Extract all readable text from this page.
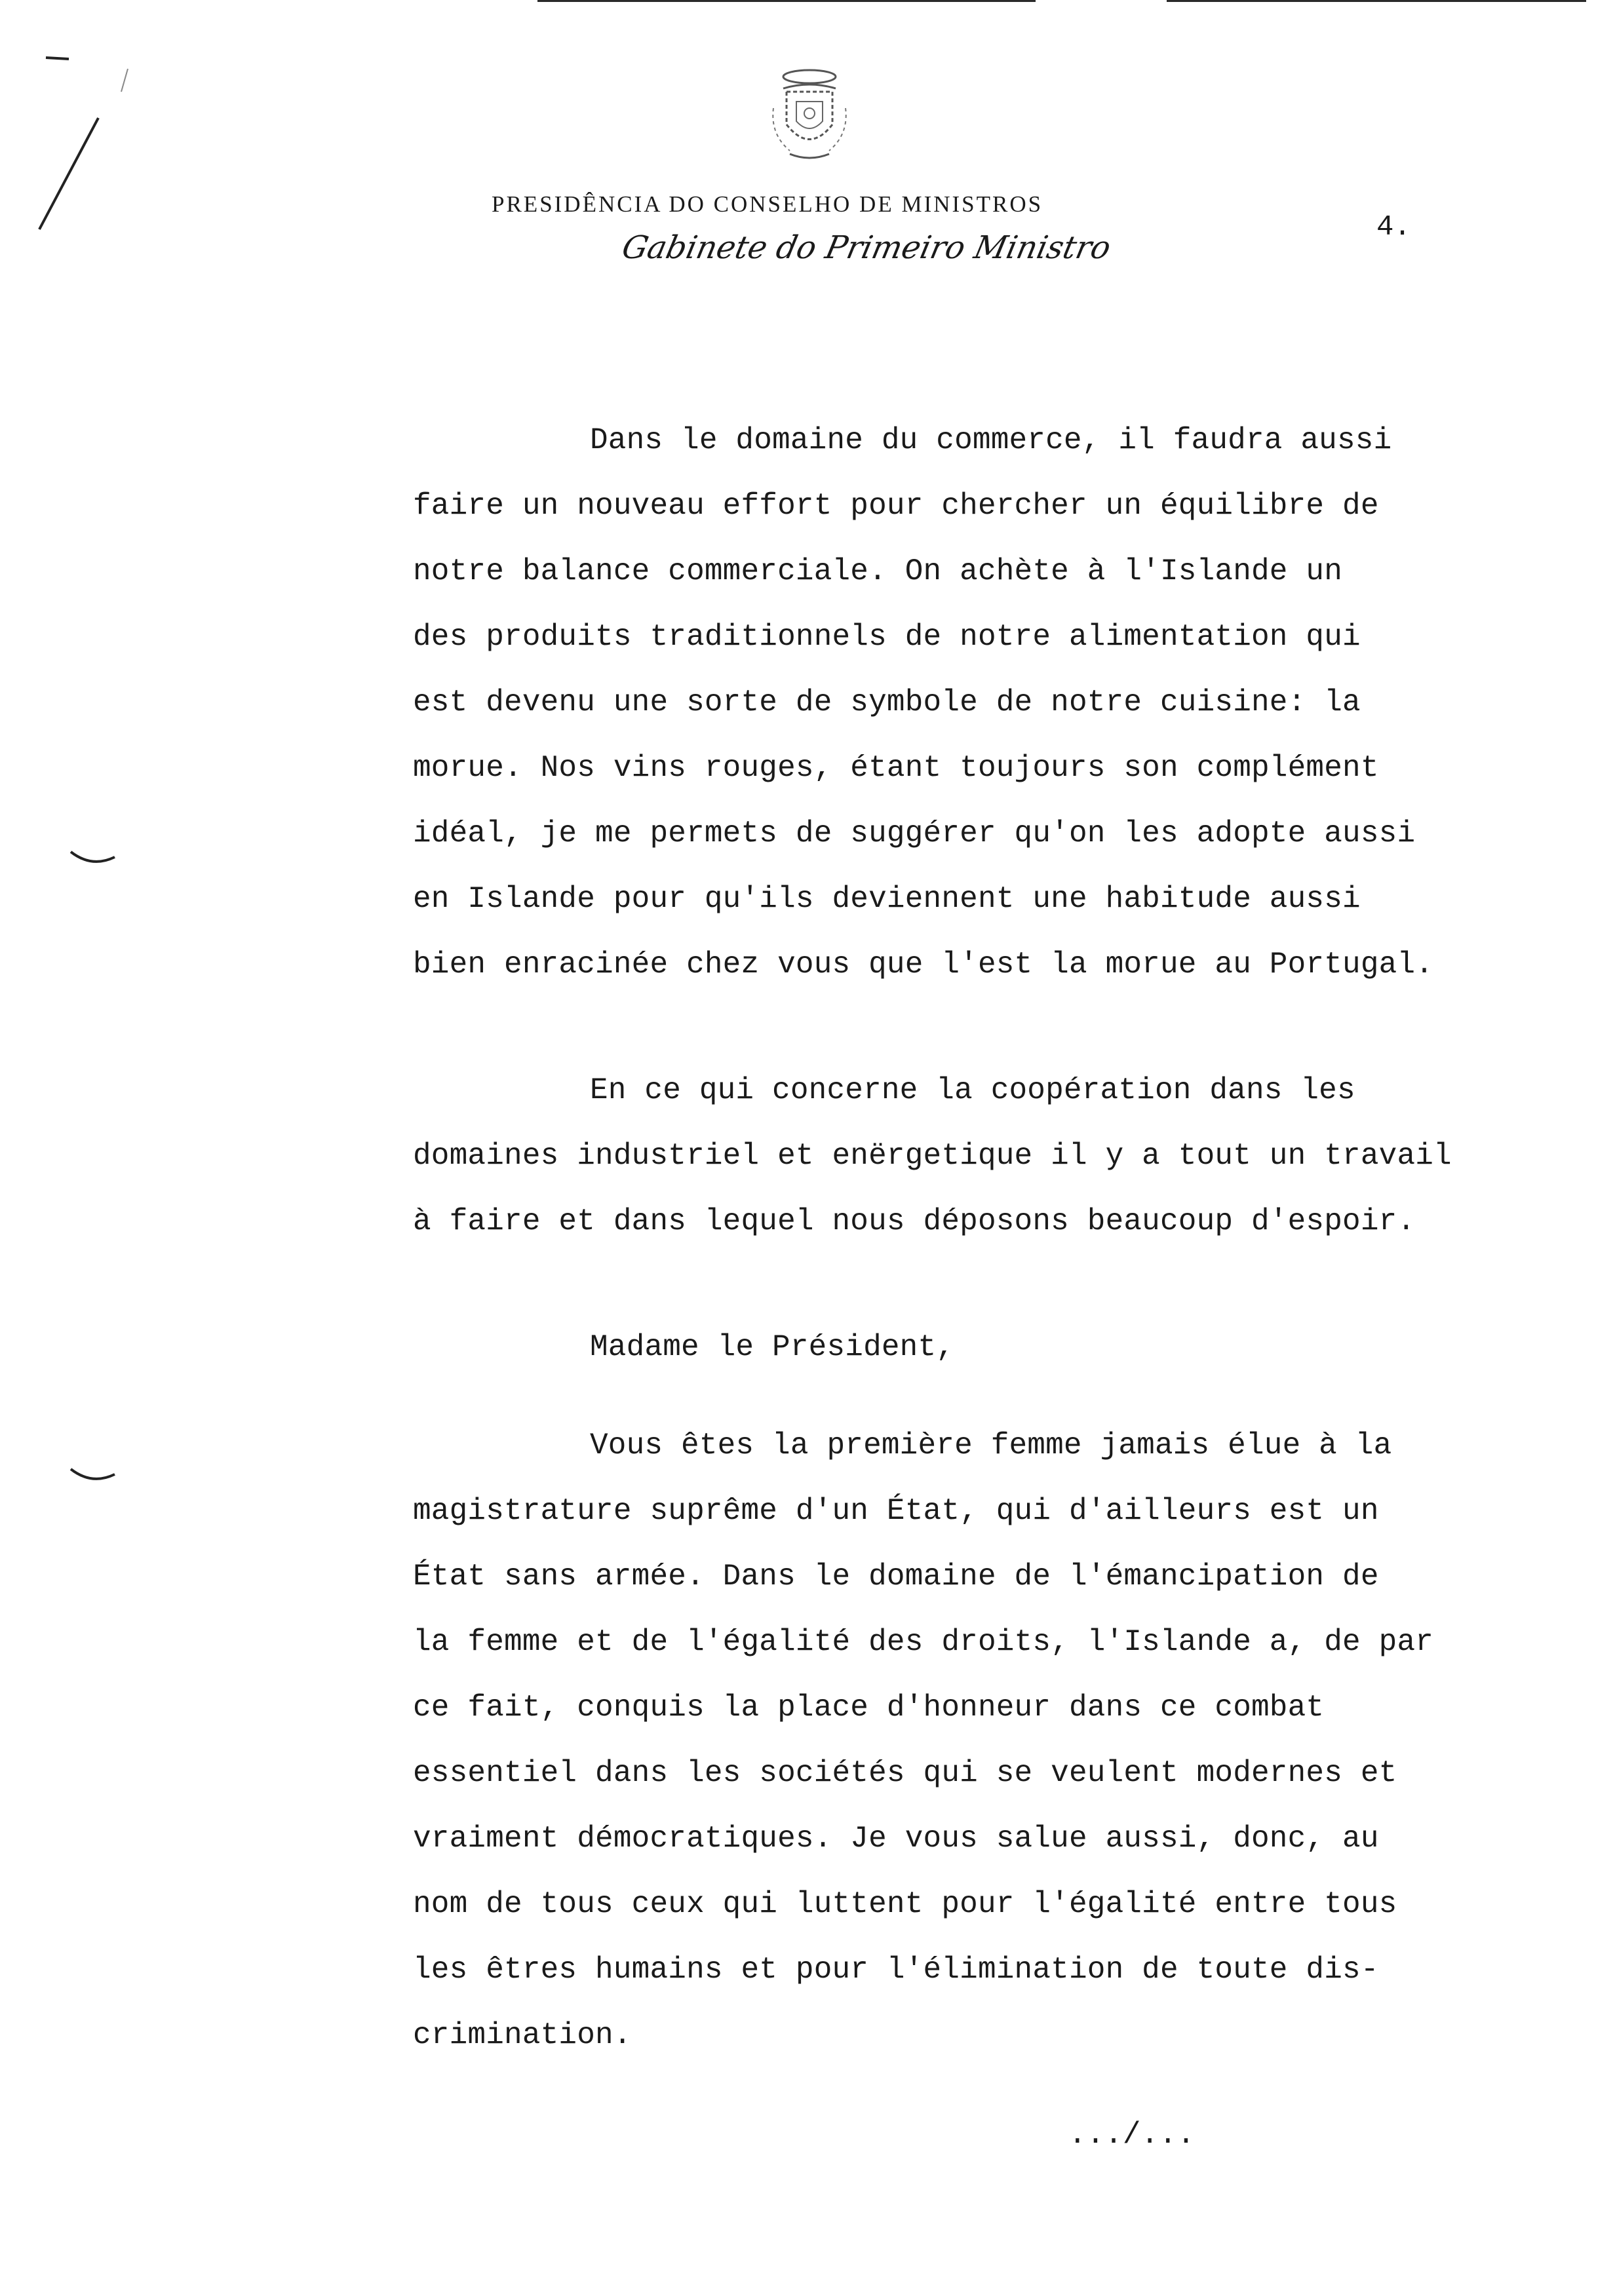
PRESIDÊNCIA DO CONSELHO DE MINISTROS
Gabinete do Primeiro Ministro
4.
Dans le domaine du commerce, il faudra aussi
faire un nouveau effort pour chercher un équilibre de
notre balance commerciale. On achète à l'Islande un
des produits traditionnels de notre alimentation qui
est devenu une sorte de symbole de notre cuisine: la
morue. Nos vins rouges, étant toujours son complément
idéal, je me permets de suggérer qu'on les adopte aussi
en Islande pour qu'ils deviennent une habitude aussi
bien enracinée chez vous que l'est la morue au Portugal.
En ce qui concerne la coopération dans les
domaines industriel et enërgetique il y a tout un travail
à faire et dans lequel nous déposons beaucoup d'espoir.
Madame le Président,
Vous êtes la première femme jamais élue à la
magistrature suprême d'un État, qui d'ailleurs est un
État sans armée. Dans le domaine de l'émancipation de
la femme et de l'égalité des droits, l'Islande a, de par
ce fait, conquis la place d'honneur dans ce combat
essentiel dans les sociétés qui se veulent modernes et
vraiment démocratiques. Je vous salue aussi, donc, au
nom de tous ceux qui luttent pour l'égalité entre tous
les êtres humains et pour l'élimination de toute dis-
crimination.
.../...
